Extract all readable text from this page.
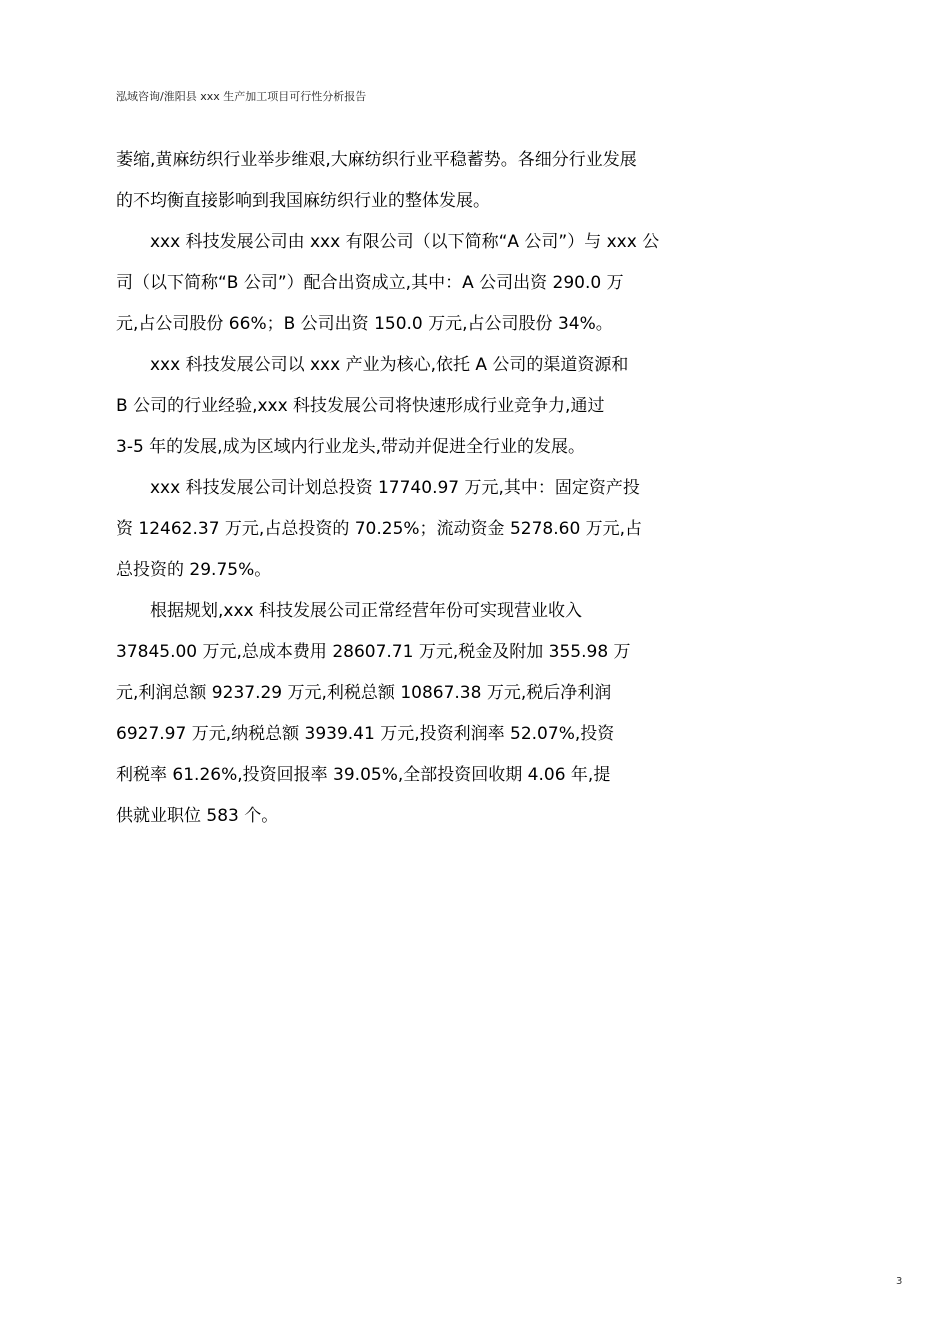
泓域咨询/淮阳县 xxx 生产加工项目可行性分析报告
萎缩,黄麻纺织行业举步维艰,大麻纺织行业平稳蓄势。各细分行业发展
的不均衡直接影响到我国麻纺织行业的整体发展。
xxx 科技发展公司由 xxx 有限公司（以下简称“A 公司”）与 xxx 公
司（以下简称“B 公司”）配合出资成立,其中：A 公司出资 290.0 万
元,占公司股份 66%；B 公司出资 150.0 万元,占公司股份 34%。
xxx 科技发展公司以 xxx 产业为核心,依托 A 公司的渠道资源和
B 公司的行业经验,xxx 科技发展公司将快速形成行业竞争力,通过
3-5 年的发展,成为区域内行业龙头,带动并促进全行业的发展。
xxx 科技发展公司计划总投资 17740.97 万元,其中：固定资产投
资 12462.37 万元,占总投资的 70.25%；流动资金 5278.60 万元,占
总投资的 29.75%。
根据规划,xxx 科技发展公司正常经营年份可实现营业收入
37845.00 万元,总成本费用 28607.71 万元,税金及附加 355.98 万
元,利润总额 9237.29 万元,利税总额 10867.38 万元,税后净利润
6927.97 万元,纳税总额 3939.41 万元,投资利润率 52.07%,投资
利税率 61.26%,投资回报率 39.05%,全部投资回收期 4.06 年,提
供就业职位 583 个。
3
